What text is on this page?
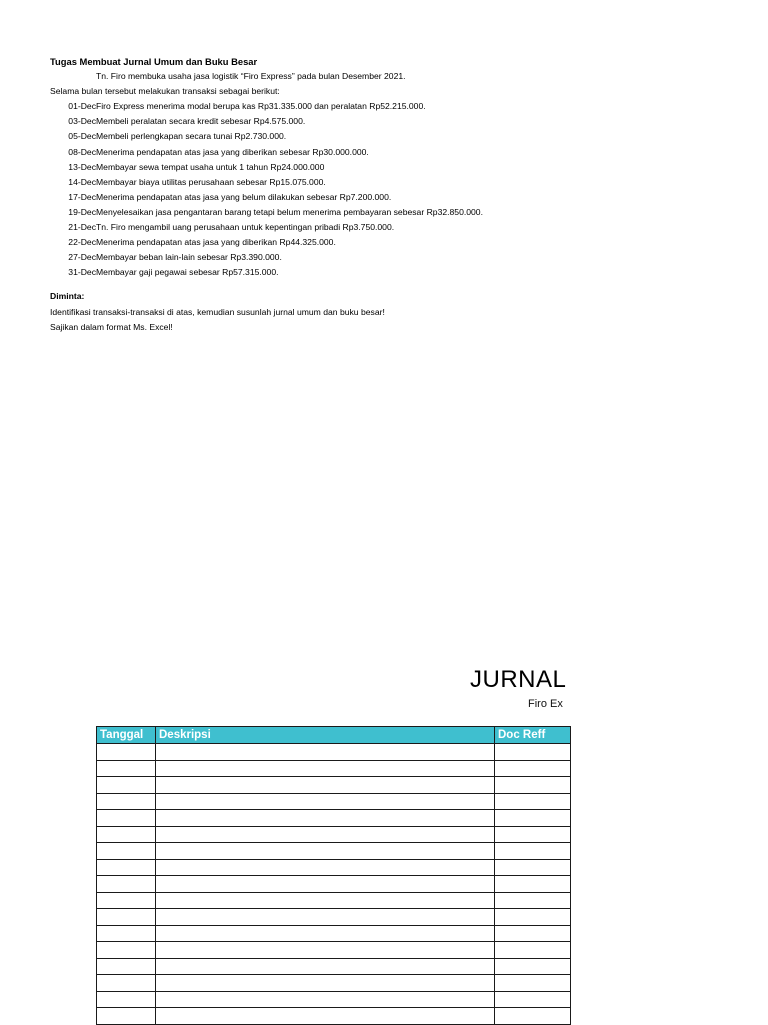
Tugas Membuat Jurnal Umum dan Buku Besar
Tn. Firo membuka usaha jasa logistik “Firo Express” pada bulan Desember 2021.
Selama bulan tersebut melakukan transaksi sebagai berikut:
01-Dec Firo Express menerima modal berupa kas Rp31.335.000 dan peralatan Rp52.215.000.
03-Dec Membeli peralatan secara kredit sebesar Rp4.575.000.
05-Dec Membeli perlengkapan secara tunai Rp2.730.000.
08-Dec Menerima pendapatan atas jasa yang diberikan sebesar Rp30.000.000.
13-Dec Membayar sewa tempat usaha untuk 1 tahun Rp24.000.000
14-Dec Membayar biaya utilitas perusahaan sebesar Rp15.075.000.
17-Dec Menerima pendapatan atas jasa yang belum dilakukan sebesar Rp7.200.000.
19-Dec Menyelesaikan jasa pengantaran barang tetapi belum menerima pembayaran sebesar Rp32.850.000.
21-Dec Tn. Firo mengambil uang perusahaan untuk kepentingan pribadi Rp3.750.000.
22-Dec Menerima pendapatan atas jasa yang diberikan Rp44.325.000.
27-Dec Membayar beban lain-lain sebesar Rp3.390.000.
31-Dec Membayar gaji pegawai sebesar Rp57.315.000.
Diminta:
Identifikasi transaksi-transaksi di atas, kemudian susunlah jurnal umum dan buku besar!
Sajikan dalam format Ms. Excel!
JURNAL
Firo Ex
Tanggal	Deskripsi	Doc Reff
